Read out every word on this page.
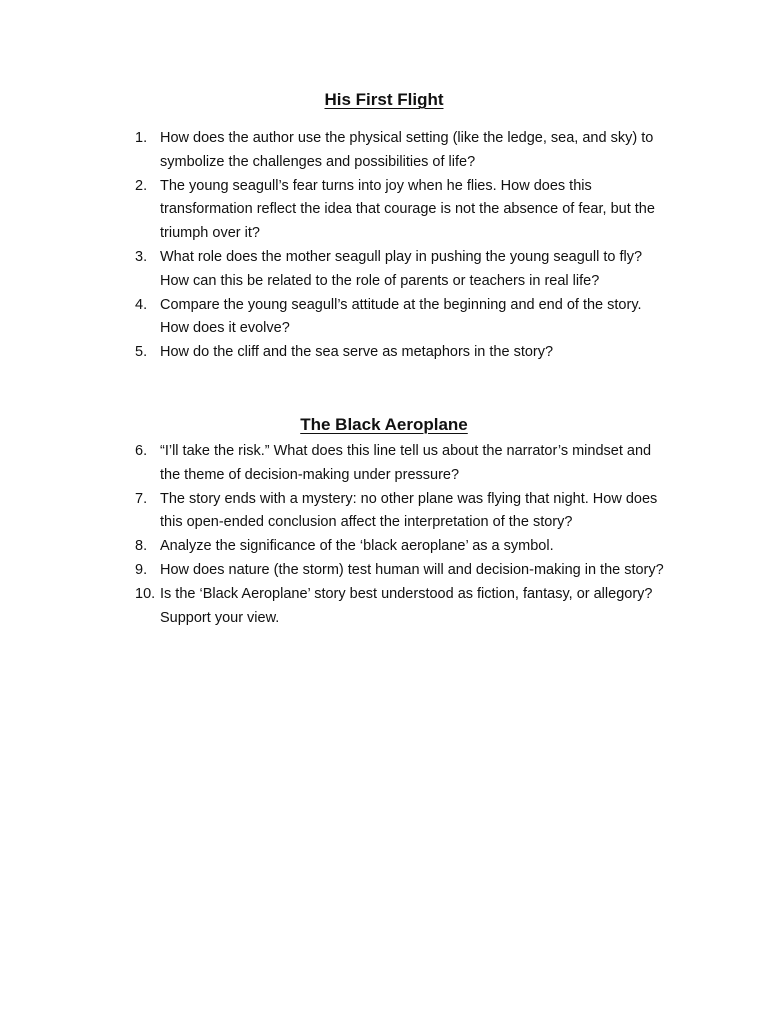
His First Flight
1. How does the author use the physical setting (like the ledge, sea, and sky) to symbolize the challenges and possibilities of life?
2. The young seagull’s fear turns into joy when he flies. How does this transformation reflect the idea that courage is not the absence of fear, but the triumph over it?
3. What role does the mother seagull play in pushing the young seagull to fly? How can this be related to the role of parents or teachers in real life?
4. Compare the young seagull’s attitude at the beginning and end of the story. How does it evolve?
5. How do the cliff and the sea serve as metaphors in the story?
The Black Aeroplane
6. “I’ll take the risk.” What does this line tell us about the narrator’s mindset and the theme of decision-making under pressure?
7. The story ends with a mystery: no other plane was flying that night. How does this open-ended conclusion affect the interpretation of the story?
8. Analyze the significance of the ‘black aeroplane’ as a symbol.
9. How does nature (the storm) test human will and decision-making in the story?
10. Is the ‘Black Aeroplane’ story best understood as fiction, fantasy, or allegory? Support your view.
